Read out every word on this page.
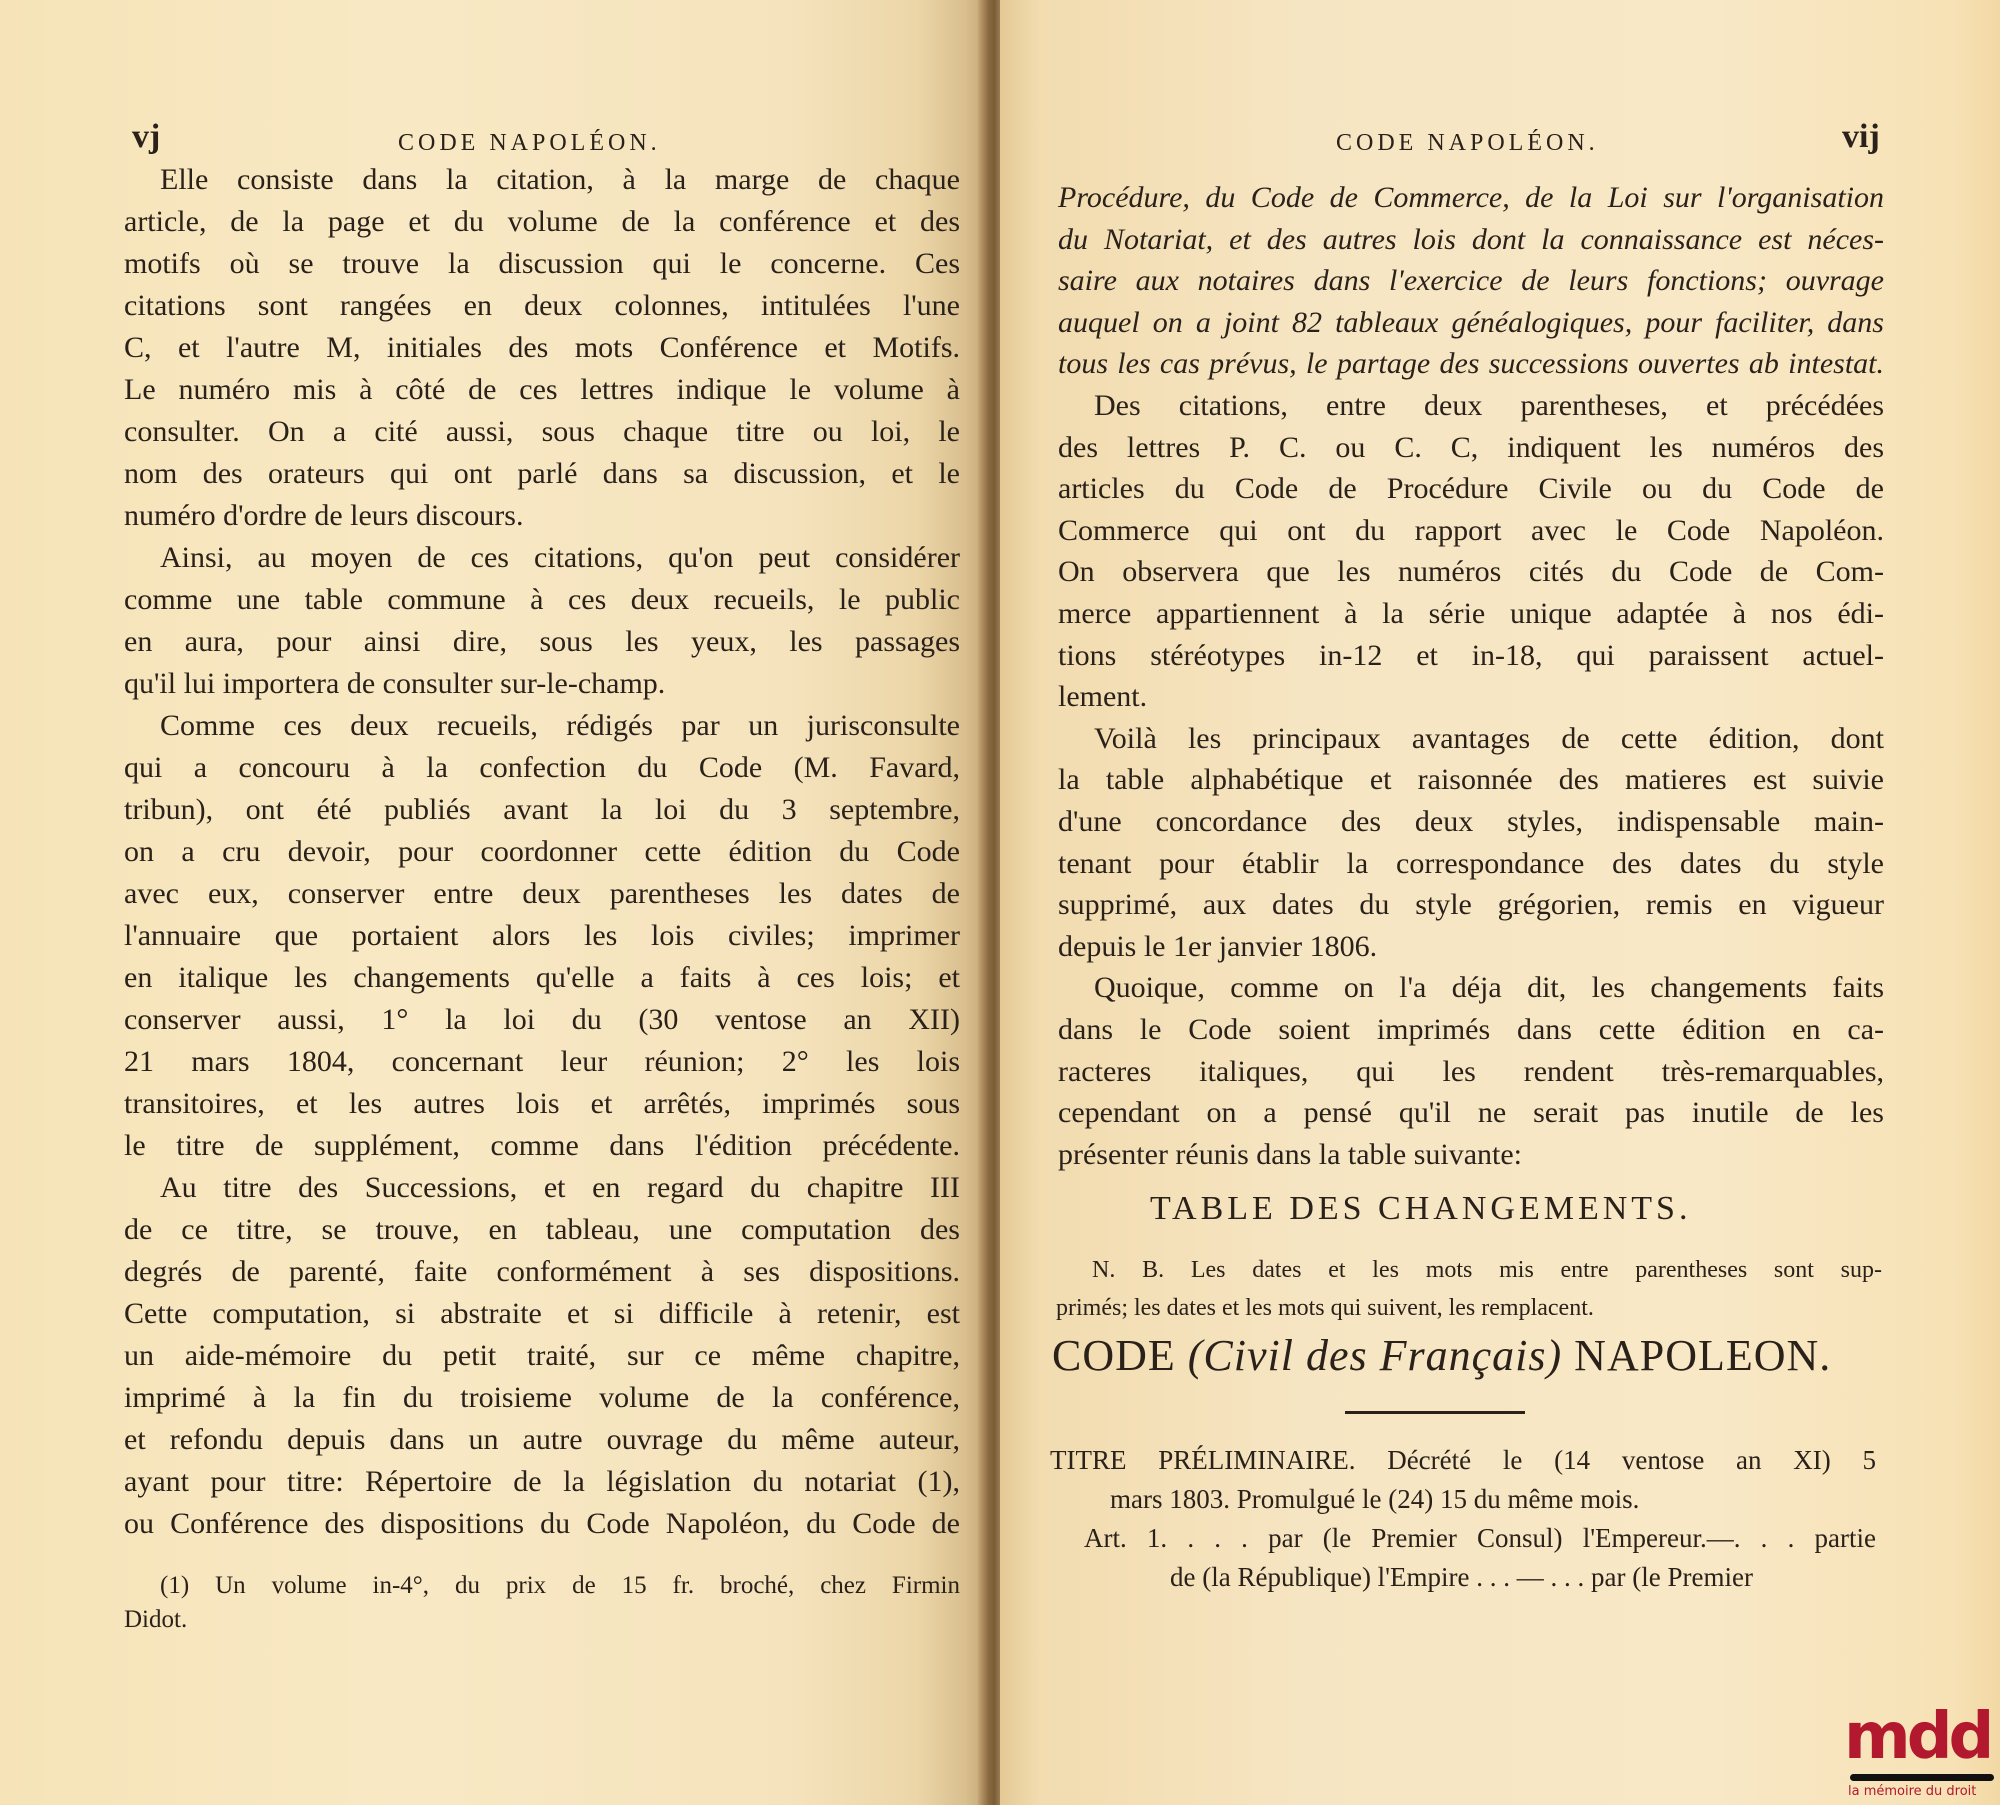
vj	CODE NAPOLÉON.
Elle consiste dans la citation, à la marge de chaque
article, de la page et du volume de la conférence et des
motifs où se trouve la discussion qui le concerne. Ces
citations sont rangées en deux colonnes, intitulées l'une
C, et l'autre M, initiales des mots Conférence et Motifs.
Le numéro mis à côté de ces lettres indique le volume à
consulter. On a cité aussi, sous chaque titre ou loi, le
nom des orateurs qui ont parlé dans sa discussion, et le
numéro d'ordre de leurs discours.
Ainsi, au moyen de ces citations, qu'on peut considérer
comme une table commune à ces deux recueils, le public
en aura, pour ainsi dire, sous les yeux, les passages
qu'il lui importera de consulter sur-le-champ.
Comme ces deux recueils, rédigés par un jurisconsulte
qui a concouru à la confection du Code (M. Favard,
tribun), ont été publiés avant la loi du 3 septembre,
on a cru devoir, pour coordonner cette édition du Code
avec eux, conserver entre deux parentheses les dates de
l'annuaire que portaient alors les lois civiles; imprimer
en italique les changements qu'elle a faits à ces lois; et
conserver aussi, 1° la loi du (30 ventose an XII)
21 mars 1804, concernant leur réunion; 2° les lois
transitoires, et les autres lois et arrêtés, imprimés sous
le titre de supplément, comme dans l'édition précédente.
Au titre des Successions, et en regard du chapitre III
de ce titre, se trouve, en tableau, une computation des
degrés de parenté, faite conformément à ses dispositions.
Cette computation, si abstraite et si difficile à retenir, est
un aide-mémoire du petit traité, sur ce même chapitre,
imprimé à la fin du troisieme volume de la conférence,
et refondu depuis dans un autre ouvrage du même auteur,
ayant pour titre: Répertoire de la législation du notariat (1),
ou Conférence des dispositions du Code Napoléon, du Code de
(1) Un volume in-4°, du prix de 15 fr. broché, chez Firmin
Didot.
CODE NAPOLÉON.	vij
Procédure, du Code de Commerce, de la Loi sur l'organisation
du Notariat, et des autres lois dont la connaissance est néces-
saire aux notaires dans l'exercice de leurs fonctions; ouvrage
auquel on a joint 82 tableaux généalogiques, pour faciliter, dans
tous les cas prévus, le partage des successions ouvertes ab intestat.
Des citations, entre deux parentheses, et précédées
des lettres P. C. ou C. C, indiquent les numéros des
articles du Code de Procédure Civile ou du Code de
Commerce qui ont du rapport avec le Code Napoléon.
On observera que les numéros cités du Code de Com-
merce appartiennent à la série unique adaptée à nos édi-
tions stéréotypes in-12 et in-18, qui paraissent actuel-
lement.
Voilà les principaux avantages de cette édition, dont
la table alphabétique et raisonnée des matieres est suivie
d'une concordance des deux styles, indispensable main-
tenant pour établir la correspondance des dates du style
supprimé, aux dates du style grégorien, remis en vigueur
depuis le 1er janvier 1806.
Quoique, comme on l'a déja dit, les changements faits
dans le Code soient imprimés dans cette édition en ca-
racteres italiques, qui les rendent très-remarquables,
cependant on a pensé qu'il ne serait pas inutile de les
présenter réunis dans la table suivante:
TABLE DES CHANGEMENTS.
N. B. Les dates et les mots mis entre parentheses sont sup-
primés; les dates et les mots qui suivent, les remplacent.
CODE (Civil des Français) NAPOLEON.
TITRE PRÉLIMINAIRE. Décrété le (14 ventose an XI) 5
mars 1803. Promulgué le (24) 15 du même mois.
Art. 1. . . . par (le Premier Consul) l'Empereur.—. . . partie
de (la République) l'Empire . . . — . . . par (le Premier
mdd
la mémoire du droit
